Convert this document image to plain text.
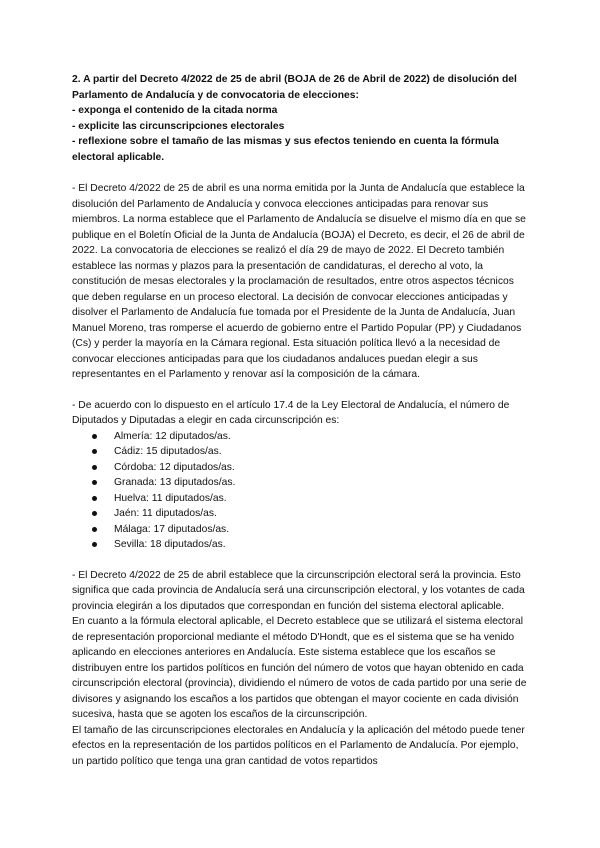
2. A partir del Decreto 4/2022 de 25 de abril (BOJA de 26 de Abril de 2022) de disolución del Parlamento de Andalucía y de convocatoria de elecciones:
- exponga el contenido de la citada norma
- explicite las circunscripciones electorales
- reflexione sobre el tamaño de las mismas y sus efectos teniendo en cuenta la fórmula electoral aplicable.

- El Decreto 4/2022 de 25 de abril es una norma emitida por la Junta de Andalucía que establece la disolución del Parlamento de Andalucía y convoca elecciones anticipadas para renovar sus miembros. La norma establece que el Parlamento de Andalucía se disuelve el mismo día en que se publique en el Boletín Oficial de la Junta de Andalucía (BOJA) el Decreto, es decir, el 26 de abril de 2022. La convocatoria de elecciones se realizó el día 29 de mayo de 2022. El Decreto también establece las normas y plazos para la presentación de candidaturas, el derecho al voto, la constitución de mesas electorales y la proclamación de resultados, entre otros aspectos técnicos que deben regularse en un proceso electoral. La decisión de convocar elecciones anticipadas y disolver el Parlamento de Andalucía fue tomada por el Presidente de la Junta de Andalucía, Juan Manuel Moreno, tras romperse el acuerdo de gobierno entre el Partido Popular (PP) y Ciudadanos (Cs) y perder la mayoría en la Cámara regional. Esta situación política llevó a la necesidad de convocar elecciones anticipadas para que los ciudadanos andaluces puedan elegir a sus representantes en el Parlamento y renovar así la composición de la cámara.

- De acuerdo con lo dispuesto en el artículo 17.4 de la Ley Electoral de Andalucía, el número de Diputados y Diputadas a elegir en cada circunscripción es:

Almería: 12 diputados/as.
Cádiz: 15 diputados/as.
Córdoba: 12 diputados/as.
Granada: 13 diputados/as.
Huelva: 11 diputados/as.
Jaén: 11 diputados/as.
Málaga: 17 diputados/as.
Sevilla: 18 diputados/as.

- El Decreto 4/2022 de 25 de abril establece que la circunscripción electoral será la provincia. Esto significa que cada provincia de Andalucía será una circunscripción electoral, y los votantes de cada provincia elegirán a los diputados que correspondan en función del sistema electoral aplicable.

En cuanto a la fórmula electoral aplicable, el Decreto establece que se utilizará el sistema electoral de representación proporcional mediante el método D'Hondt, que es el sistema que se ha venido aplicando en elecciones anteriores en Andalucía. Este sistema establece que los escaños se distribuyen entre los partidos políticos en función del número de votos que hayan obtenido en cada circunscripción electoral (provincia), dividiendo el número de votos de cada partido por una serie de divisores y asignando los escaños a los partidos que obtengan el mayor cociente en cada división sucesiva, hasta que se agoten los escaños de la circunscripción.

El tamaño de las circunscripciones electorales en Andalucía y la aplicación del método puede tener efectos en la representación de los partidos políticos en el Parlamento de Andalucía. Por ejemplo, un partido político que tenga una gran cantidad de votos repartidos
